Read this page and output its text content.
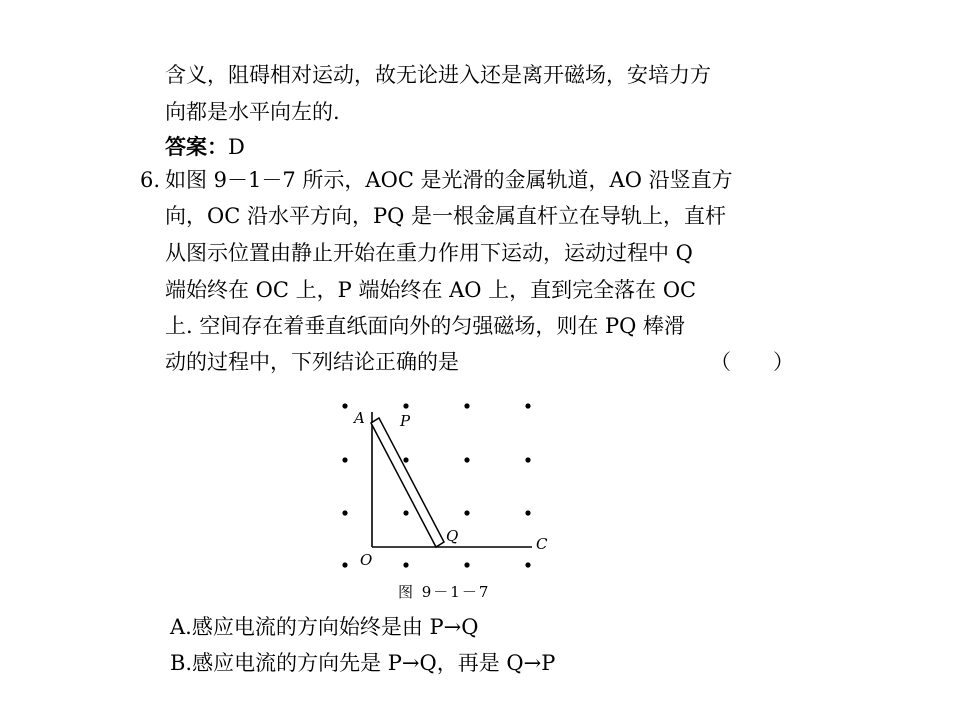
含义，阻碍相对运动，故无论进入还是离开磁场，安培力方
向都是水平向左的.
答案：D
6. 如图 9－1－7 所示，AOC 是光滑的金属轨道，AO 沿竖直方
向，OC 沿水平方向，PQ 是一根金属直杆立在导轨上，直杆
从图示位置由静止开始在重力作用下运动，运动过程中 Q
端始终在 OC 上，P 端始终在 AO 上，直到完全落在 OC
上. 空间存在着垂直纸面向外的匀强磁场，则在 PQ 棒滑
动的过程中，下列结论正确的是	（　　）
A P
Q
O
C
图 9－1－7
A.感应电流的方向始终是由 P→Q
B.感应电流的方向先是 P→Q，再是 Q→P
